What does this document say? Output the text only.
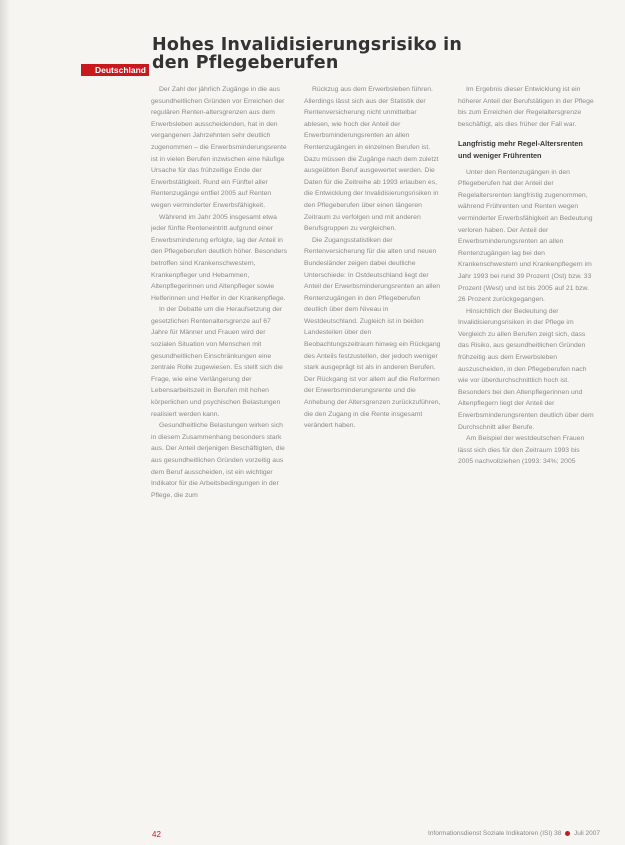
Hohes Invalidisierungsrisiko in den Pflegeberufen
Deutschland

Der Zahl der jährlich Zugänge in die aus gesundheitlichen Gründen vor Erreichen der regulären Renten-altersgrenzen aus dem Erwerbsleben ausscheidenden, hat in den vergangenen Jahrzehnten sehr deutlich zugenommen – die Erwerbsminderungsrente ist in vielen Berufen inzwischen eine häufige Ursache für das frühzeitige Ende der Erwerbstätigkeit. Rund ein Fünftel aller Rentenzugänge entfiel 2005 auf Renten wegen verminderter Erwerbsfähigkeit.

Während im Jahr 2005 insgesamt etwa jeder fünfte Renteneintritt aufgrund einer Erwerbsminderung erfolgte, lag der Anteil in den Pflegeberufen deutlich höher. Besonders betroffen sind Krankenschwestern, Krankenpfleger und Hebammen, Altenpflegerinnen und Altenpfleger sowie Helferinnen und Helfer in der Krankenpflege.

In der Debatte um die Heraufsetzung der gesetzlichen Rentenaltersgrenze auf 67 Jahre für Männer und Frauen wird der sozialen Situation von Menschen mit gesundheitlichen Einschränkungen eine zentrale Rolle zugewiesen. Es stellt sich die Frage, wie eine Verlängerung der Lebensarbeitszeit in Berufen mit hohen körperlichen und psychischen Belastungen realisiert werden kann.

Gesundheitliche Belastungen wirken sich in diesem Zusammenhang besonders stark aus. Der Anteil derjenigen Beschäftigten, die aus gesundheitlichen Gründen vorzeitig aus dem Beruf ausscheiden, ist ein wichtiger Indikator für die Arbeitsbedingungen in der Pflege, die zum

Rückzug aus dem Erwerbsleben führen. Allerdings lässt sich aus der Statistik der Rentenversicherung nicht unmittelbar ablesen, wie hoch der Anteil der Erwerbsminderungsrenten an allen Rentenzugängen in einzelnen Berufen ist. Dazu müssen die Zugänge nach dem zuletzt ausgeübten Beruf ausgewertet werden. Die Daten für die Zeitreihe ab 1993 erlauben es, die Entwicklung der Invalidisierungsrisiken in den Pflegeberufen über einen längeren Zeitraum zu verfolgen und mit anderen Berufsgruppen zu vergleichen.

Die Zugangsstatistiken der Rentenversicherung für die alten und neuen Bundesländer zeigen dabei deutliche Unterschiede: In Ostdeutschland liegt der Anteil der Erwerbsminderungsrenten an allen Rentenzugängen in den Pflegeberufen deutlich über dem Niveau in Westdeutschland. Zugleich ist in beiden Landesteilen über den Beobachtungszeitraum hinweg ein Rückgang des Anteils festzustellen, der jedoch weniger stark ausgeprägt ist als in anderen Berufen. Der Rückgang ist vor allem auf die Reformen der Erwerbsminderungsrente und die Anhebung der Altersgrenzen zurückzuführen, die den Zugang in die Rente insgesamt verändert haben.

Im Ergebnis dieser Entwicklung ist ein höherer Anteil der Berufstätigen in der Pflege bis zum Erreichen der Regelaltersgrenze beschäftigt, als dies früher der Fall war.

Langfristig mehr Regel-Altersrenten und weniger Frührenten

Unter den Rentenzugängen in den Pflegeberufen hat der Anteil der Regelaltersrenten langfristig zugenommen, während Frührenten und Renten wegen verminderter Erwerbsfähigkeit an Bedeutung verloren haben. Der Anteil der Erwerbsminderungsrenten an allen Rentenzugängen lag bei den Krankenschwestern und Krankenpflegern im Jahr 1993 bei rund 39 Prozent (Ost) bzw. 33 Prozent (West) und ist bis 2005 auf 21 bzw. 26 Prozent zurückgegangen.

Hinsichtlich der Bedeutung der Invalidisierungsrisiken in der Pflege im Vergleich zu allen Berufen zeigt sich, dass das Risiko, aus gesundheitlichen Gründen frühzeitig aus dem Erwerbsleben auszuscheiden, in den Pflegeberufen nach wie vor überdurchschnittlich hoch ist. Besonders bei den Altenpflegerinnen und Altenpflegern liegt der Anteil der Erwerbsminderungsrenten deutlich über dem Durchschnitt aller Berufe.

Am Beispiel der westdeutschen Frauen lässt sich dies für den Zeitraum 1993 bis 2005 nachvollziehen (1993: 34%; 2005

42	Informationsdienst Soziale Indikatoren (ISI) 38 Juli 2007
